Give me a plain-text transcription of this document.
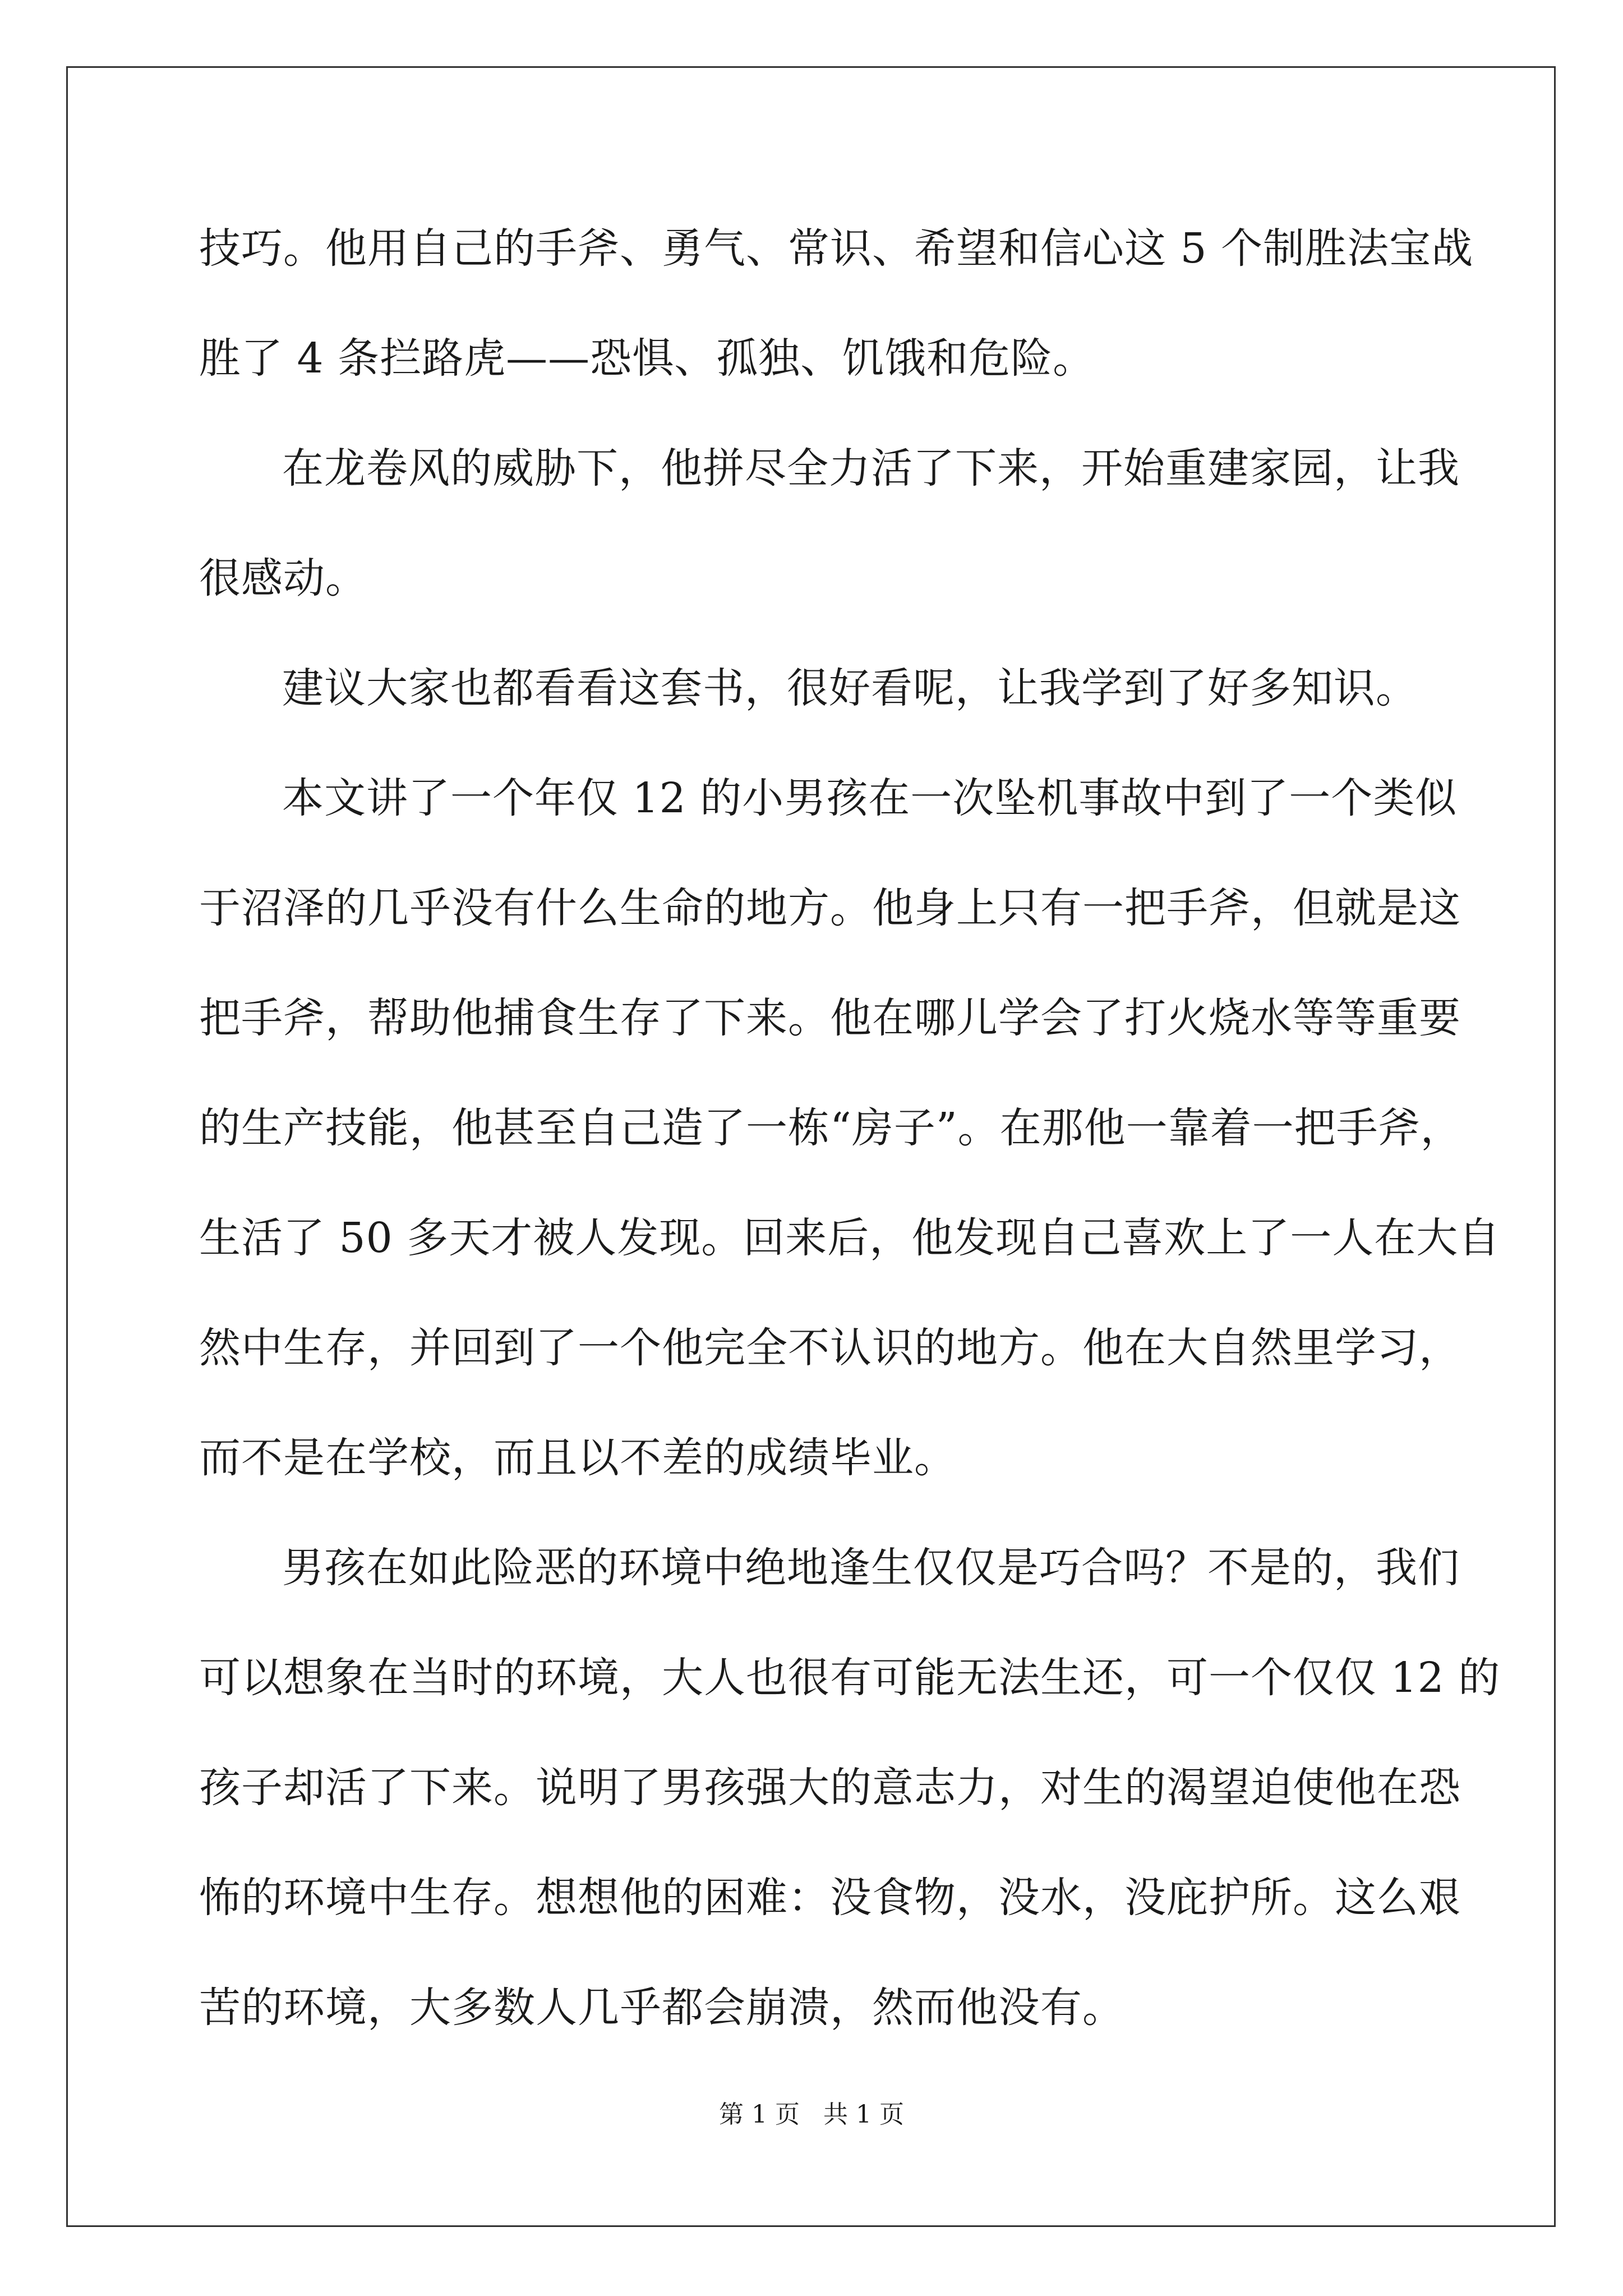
技巧。他用自己的手斧、勇气、常识、希望和信心这 5 个制胜法宝战
胜了 4 条拦路虎——恐惧、孤独、饥饿和危险。
在龙卷风的威胁下，他拼尽全力活了下来，开始重建家园，让我
很感动。
建议大家也都看看这套书，很好看呢，让我学到了好多知识。
本文讲了一个年仅 12 的小男孩在一次坠机事故中到了一个类似
于沼泽的几乎没有什么生命的地方。他身上只有一把手斧，但就是这
把手斧，帮助他捕食生存了下来。他在哪儿学会了打火烧水等等重要
的生产技能，他甚至自己造了一栋“房子”。在那他一靠着一把手斧，
生活了 50 多天才被人发现。回来后，他发现自己喜欢上了一人在大自
然中生存，并回到了一个他完全不认识的地方。他在大自然里学习，
而不是在学校，而且以不差的成绩毕业。
男孩在如此险恶的环境中绝地逢生仅仅是巧合吗？不是的，我们
可以想象在当时的环境，大人也很有可能无法生还，可一个仅仅 12 的
孩子却活了下来。说明了男孩强大的意志力，对生的渴望迫使他在恐
怖的环境中生存。想想他的困难：没食物，没水，没庇护所。这么艰
苦的环境，大多数人几乎都会崩溃，然而他没有。
第 1 页   共 1 页
